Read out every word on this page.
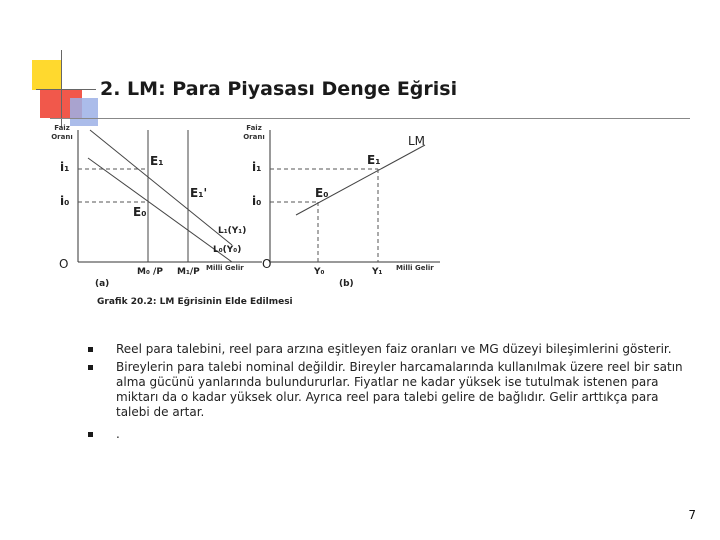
2. LM: Para Piyasası Denge Eğrisi
Faiz Oranı
i₁
i₀
E₁
E₁'
E₀
L₁(Y₁)
L₀(Y₀)
O
M₀ /P M₁/P Milli Gelir
(a)
Faiz Oranı	LM
i₁
i₀
E₁
E₀
O
Y₀	Y₁ Milli Gelir
(b)
Grafik 20.2: LM Eğrisinin Elde Edilmesi
Reel para talebini, reel para arzına eşitleyen faiz oranları ve MG düzeyi bileşimlerini gösterir.
Bireylerin para talebi nominal değildir. Bireyler harcamalarında kullanılmak üzere reel bir satın alma gücünü yanlarında bulundururlar. Fiyatlar ne kadar yüksek ise tutulmak istenen para miktarı da o kadar yüksek olur. Ayrıca reel para talebi gelire de bağlıdır. Gelir arttıkça para talebi de artar.
.
7
